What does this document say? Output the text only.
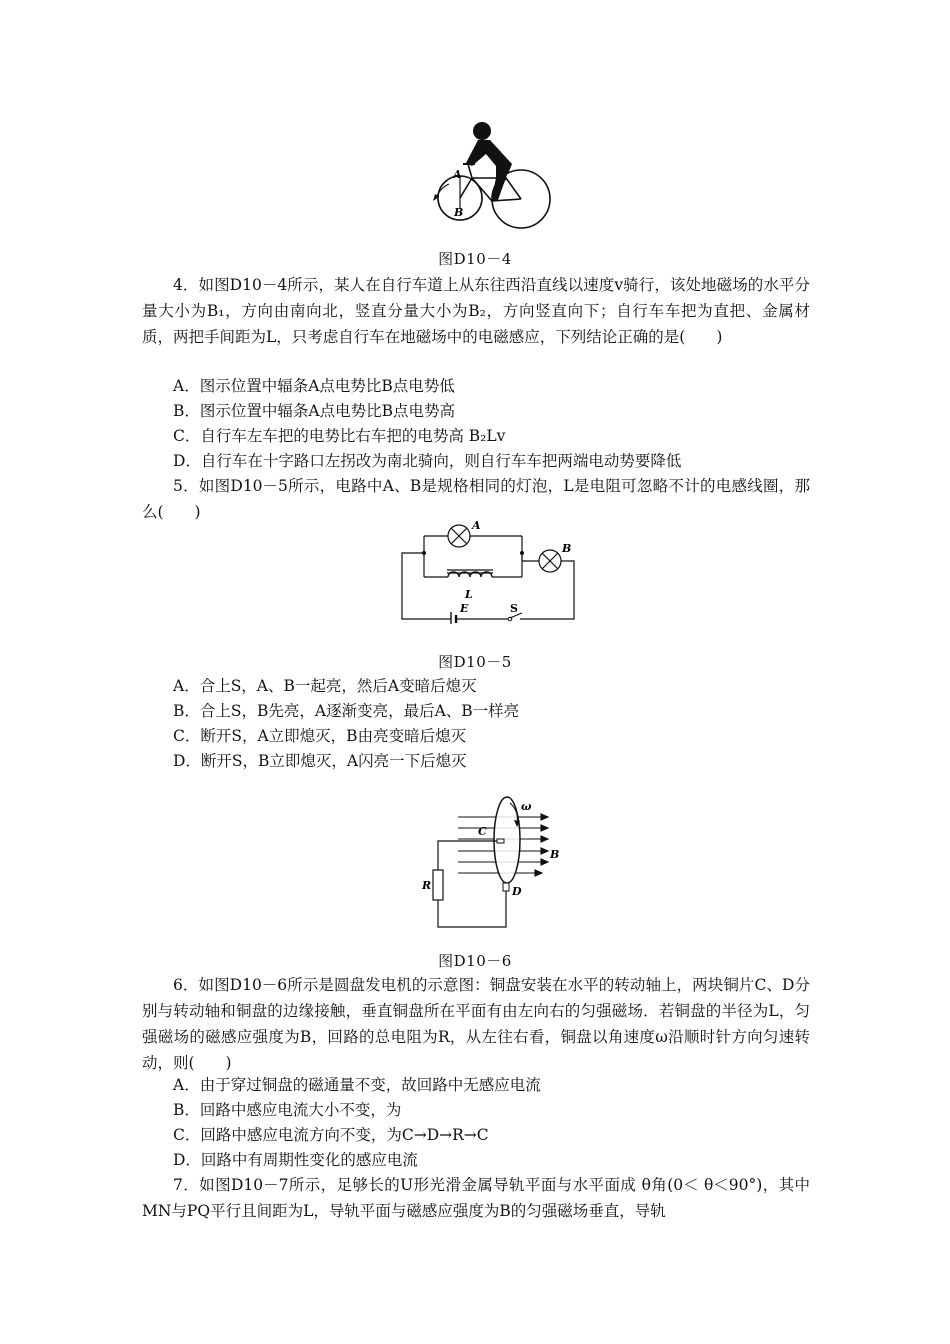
A
B
图D10－4
4．如图D10－4所示，某人在自行车道上从东往西沿直线以速度v骑行，该处地磁场的水平分量大小为B₁，方向由南向北，竖直分量大小为B₂，方向竖直向下；自行车车把为直把、金属材质，两把手间距为L，只考虑自行车在地磁场中的电磁感应，下列结论正确的是(　　)
A．图示位置中辐条A点电势比B点电势低
B．图示位置中辐条A点电势比B点电势高
C．自行车左车把的电势比右车把的电势高 B₂Lv
D．自行车在十字路口左拐改为南北骑向，则自行车车把两端电动势要降低
5．如图D10－5所示，电路中A、B是规格相同的灯泡，L是电阻可忽略不计的电感线圈，那么(　　)
A
L
B
E	S
图D10－5
A．合上S，A、B一起亮，然后A变暗后熄灭
B．合上S，B先亮，A逐渐变亮，最后A、B一样亮
C．断开S，A立即熄灭，B由亮变暗后熄灭
D．断开S，B立即熄灭，A闪亮一下后熄灭
ω
C
D
B
R
图D10－6
6．如图D10－6所示是圆盘发电机的示意图：铜盘安装在水平的转动轴上，两块铜片C、D分别与转动轴和铜盘的边缘接触，垂直铜盘所在平面有由左向右的匀强磁场．若铜盘的半径为L，匀强磁场的磁感应强度为B，回路的总电阻为R，从左往右看，铜盘以角速度ω沿顺时针方向匀速转动，则(　　)
A．由于穿过铜盘的磁通量不变，故回路中无感应电流
B．回路中感应电流大小不变，为
C．回路中感应电流方向不变，为C→D→R→C
D．回路中有周期性变化的感应电流
7．如图D10－7所示，足够长的U形光滑金属导轨平面与水平面成 θ角(0＜ θ＜90°)，其中MN与PQ平行且间距为L，导轨平面与磁感应强度为B的匀强磁场垂直，导轨
